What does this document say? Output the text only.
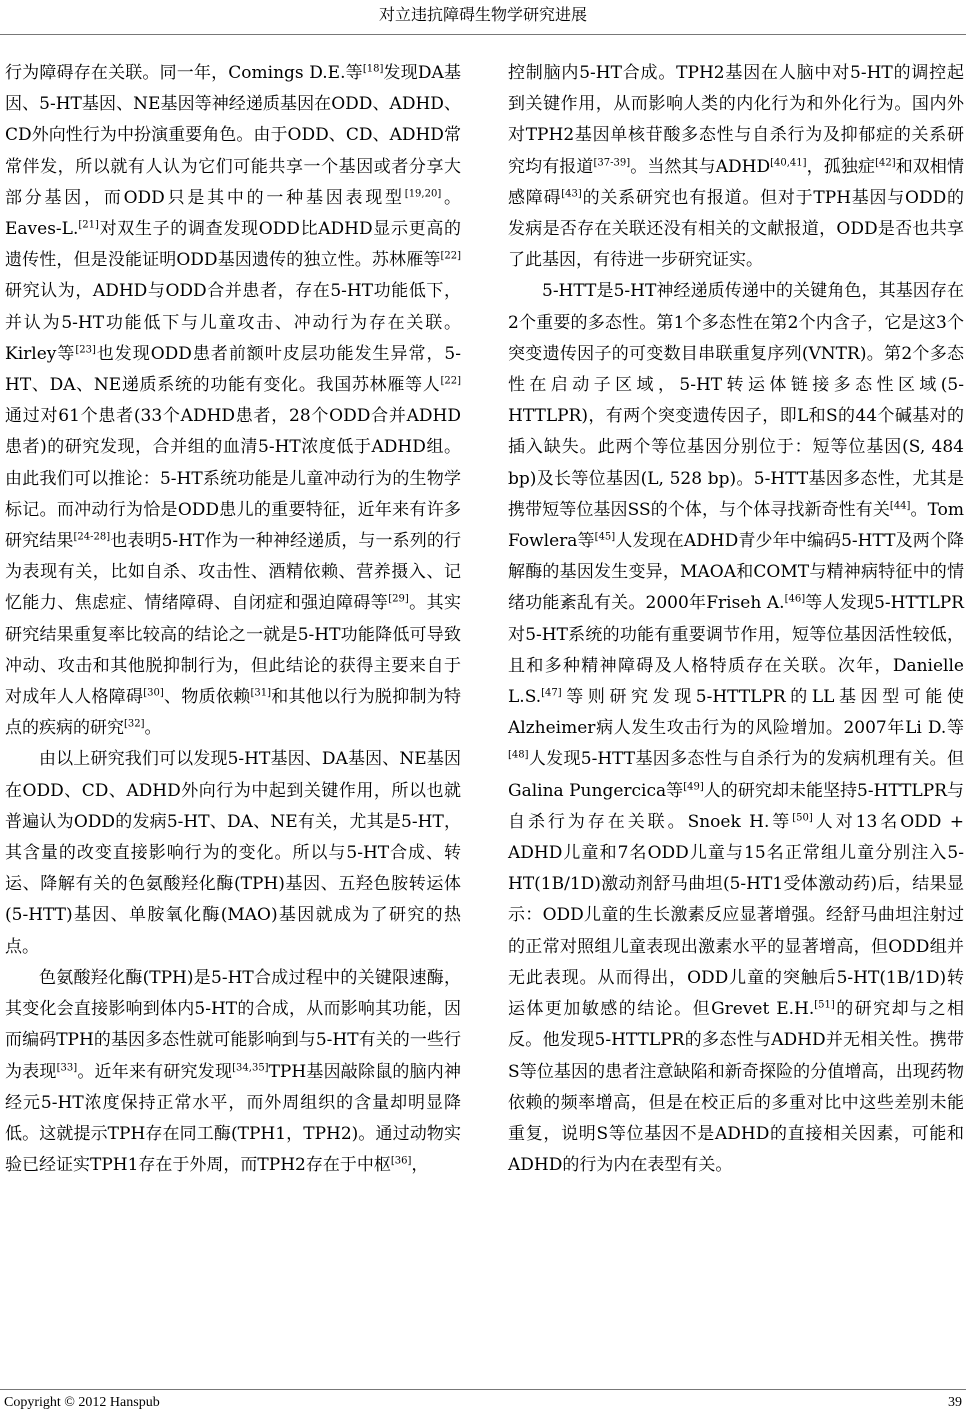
对立违抗障碍生物学研究进展

行为障碍存在关联。同一年，Comings D.E.等[18]发现DA基因、5-HT基因、NE基因等神经递质基因在ODD、ADHD、CD外向性行为中扮演重要角色。由于ODD、CD、ADHD常常伴发，所以就有人认为它们可能共享一个基因或者分享大部分基因，而ODD只是其中的一种基因表现型[19,20]。Eaves-L.[21]对双生子的调查发现ODD比ADHD显示更高的遗传性，但是没能证明ODD基因遗传的独立性。苏林雁等[22]研究认为，ADHD与ODD合并患者，存在5-HT功能低下，并认为5-HT功能低下与儿童攻击、冲动行为存在关联。Kirley等[23]也发现ODD患者前额叶皮层功能发生异常，5-HT、DA、NE递质系统的功能有变化。我国苏林雁等人[22]通过对61个患者(33个ADHD患者，28个ODD合并ADHD患者)的研究发现，合并组的血清5-HT浓度低于ADHD组。由此我们可以推论：5-HT系统功能是儿童冲动行为的生物学标记。而冲动行为恰是ODD患儿的重要特征，近年来有许多研究结果[24-28]也表明5-HT作为一种神经递质，与一系列的行为表现有关，比如自杀、攻击性、酒精依赖、营养摄入、记忆能力、焦虑症、情绪障碍、自闭症和强迫障碍等[29]。其实研究结果重复率比较高的结论之一就是5-HT功能降低可导致冲动、攻击和其他脱抑制行为，但此结论的获得主要来自于对成年人人格障碍[30]、物质依赖[31]和其他以行为脱抑制为特点的疾病的研究[32]。

由以上研究我们可以发现5-HT基因、DA基因、NE基因在ODD、CD、ADHD外向行为中起到关键作用，所以也就普遍认为ODD的发病5-HT、DA、NE有关，尤其是5-HT，其含量的改变直接影响行为的变化。所以与5-HT合成、转运、降解有关的色氨酸羟化酶(TPH)基因、五羟色胺转运体(5-HTT)基因、单胺氧化酶(MAO)基因就成为了研究的热点。

色氨酸羟化酶(TPH)是5-HT合成过程中的关键限速酶，其变化会直接影响到体内5-HT的合成，从而影响其功能，因而编码TPH的基因多态性就可能影响到与5-HT有关的一些行为表现[33]。近年来有研究发现[34,35]TPH基因敲除鼠的脑内神经元5-HT浓度保持正常水平，而外周组织的含量却明显降低。这就提示TPH存在同工酶(TPH1，TPH2)。通过动物实验已经证实TPH1存在于外周，而TPH2存在于中枢[36]，

控制脑内5-HT合成。TPH2基因在人脑中对5-HT的调控起到关键作用，从而影响人类的内化行为和外化行为。国内外对TPH2基因单核苷酸多态性与自杀行为及抑郁症的关系研究均有报道[37-39]。当然其与ADHD[40,41]，孤独症[42]和双相情感障碍[43]的关系研究也有报道。但对于TPH基因与ODD的发病是否存在关联还没有相关的文献报道，ODD是否也共享了此基因，有待进一步研究证实。

5-HTT是5-HT神经递质传递中的关键角色，其基因存在2个重要的多态性。第1个多态性在第2个内含子，它是这3个突变遗传因子的可变数目串联重复序列(VNTR)。第2个多态性在启动子区域，5-HT转运体链接多态性区域(5-HTTLPR)，有两个突变遗传因子，即L和S的44个碱基对的插入缺失。此两个等位基因分别位于：短等位基因(S, 484 bp)及长等位基因(L, 528 bp)。5-HTT基因多态性，尤其是携带短等位基因SS的个体，与个体寻找新奇性有关[44]。Tom Fowlera等[45]人发现在ADHD青少年中编码5-HTT及两个降解酶的基因发生变异，MAOA和COMT与精神病特征中的情绪功能紊乱有关。2000年Friseh A.[46]等人发现5-HTTLPR对5-HT系统的功能有重要调节作用，短等位基因活性较低，且和多种精神障碍及人格特质存在关联。次年，Danielle L.S.[47]等则研究发现5-HTTLPR的LL基因型可能使Alzheimer病人发生攻击行为的风险增加。2007年Li D.等[48]人发现5-HTT基因多态性与自杀行为的发病机理有关。但Galina Pungercica等[49]人的研究却未能坚持5-HTTLPR与自杀行为存在关联。Snoek H.等[50]人对13名ODD + ADHD儿童和7名ODD儿童与15名正常组儿童分别注入5-HT(1B/1D)激动剂舒马曲坦(5-HT1受体激动药)后，结果显示：ODD儿童的生长激素反应显著增强。经舒马曲坦注射过的正常对照组儿童表现出激素水平的显著增高，但ODD组并无此表现。从而得出，ODD儿童的突触后5-HT(1B/1D)转运体更加敏感的结论。但Grevet E.H.[51]的研究却与之相反。他发现5-HTTLPR的多态性与ADHD并无相关性。携带S等位基因的患者注意缺陷和新奇探险的分值增高，出现药物依赖的频率增高，但是在校正后的多重对比中这些差别未能重复，说明S等位基因不是ADHD的直接相关因素，可能和ADHD的行为内在表型有关。

Copyright © 2012 Hanspub	39
